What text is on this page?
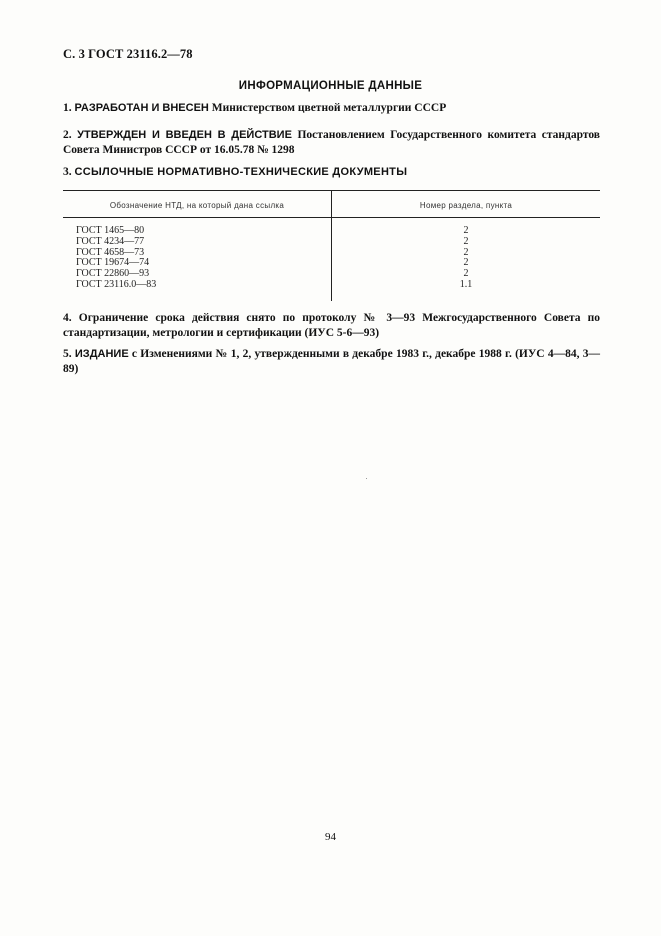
С. 3 ГОСТ 23116.2—78
ИНФОРМАЦИОННЫЕ ДАННЫЕ
1. РАЗРАБОТАН И ВНЕСЕН Министерством цветной металлургии СССР
2. УТВЕРЖДЕН И ВВЕДЕН В ДЕЙСТВИЕ Постановлением Государственного комитета стандартов Совета Министров СССР от 16.05.78 № 1298
3. ССЫЛОЧНЫЕ НОРМАТИВНО-ТЕХНИЧЕСКИЕ ДОКУМЕНТЫ
Обозначение НТД, на который дана ссылка	Номер раздела, пункта
ГОСТ 1465—80	2
ГОСТ 4234—77	2
ГОСТ 4658—73	2
ГОСТ 19674—74	2
ГОСТ 22860—93	2
ГОСТ 23116.0—83	1.1
4. Ограничение срока действия снято по протоколу № 3—93 Межгосударственного Совета по стандартизации, метрологии и сертификации (ИУС 5-6—93)
5. ИЗДАНИЕ с Изменениями № 1, 2, утвержденными в декабре 1983 г., декабре 1988 г. (ИУС 4—84, 3—89)
94
